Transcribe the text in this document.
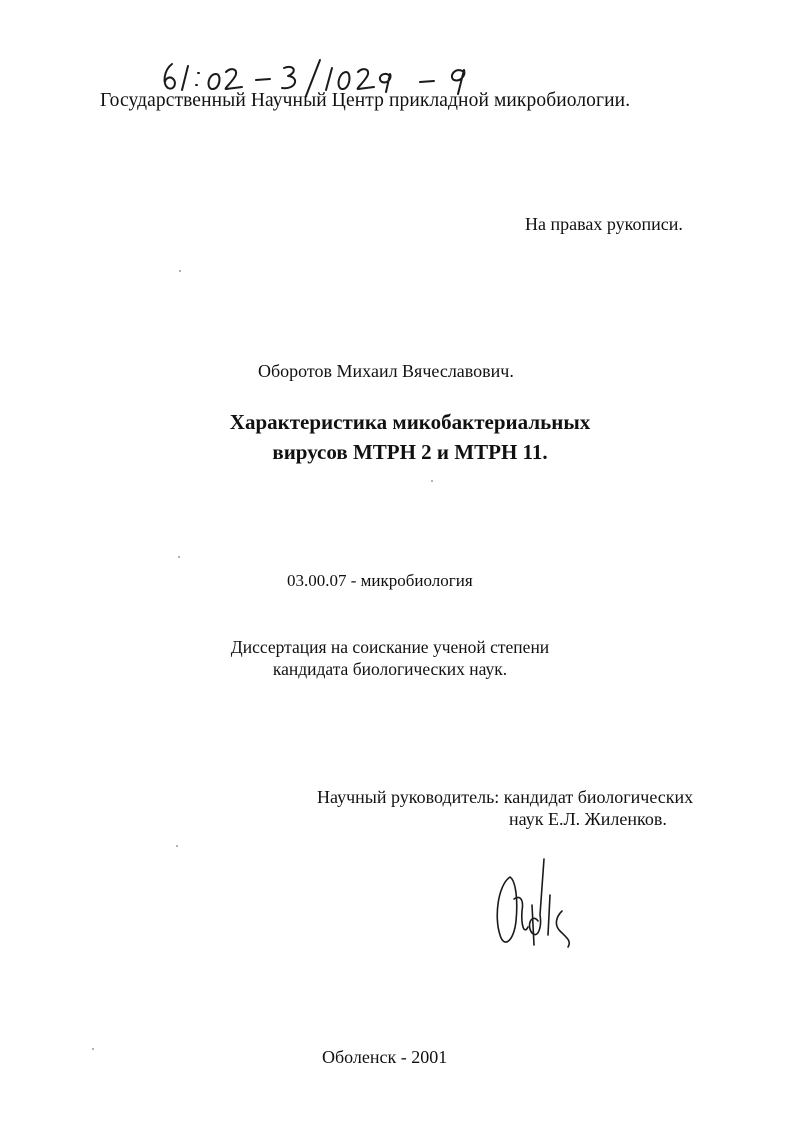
Государственный Научный Центр прикладной микробиологии.
На правах рукописи.
Оборотов Михаил Вячеславович.
Характеристика микобактериальных
вирусов МТРН 2 и МТРН 11.
03.00.07 - микробиология
Диссертация на соискание ученой степени
кандидата биологических наук.
Научный руководитель: кандидат биологических
наук Е.Л. Жиленков.
Оболенск - 2001
